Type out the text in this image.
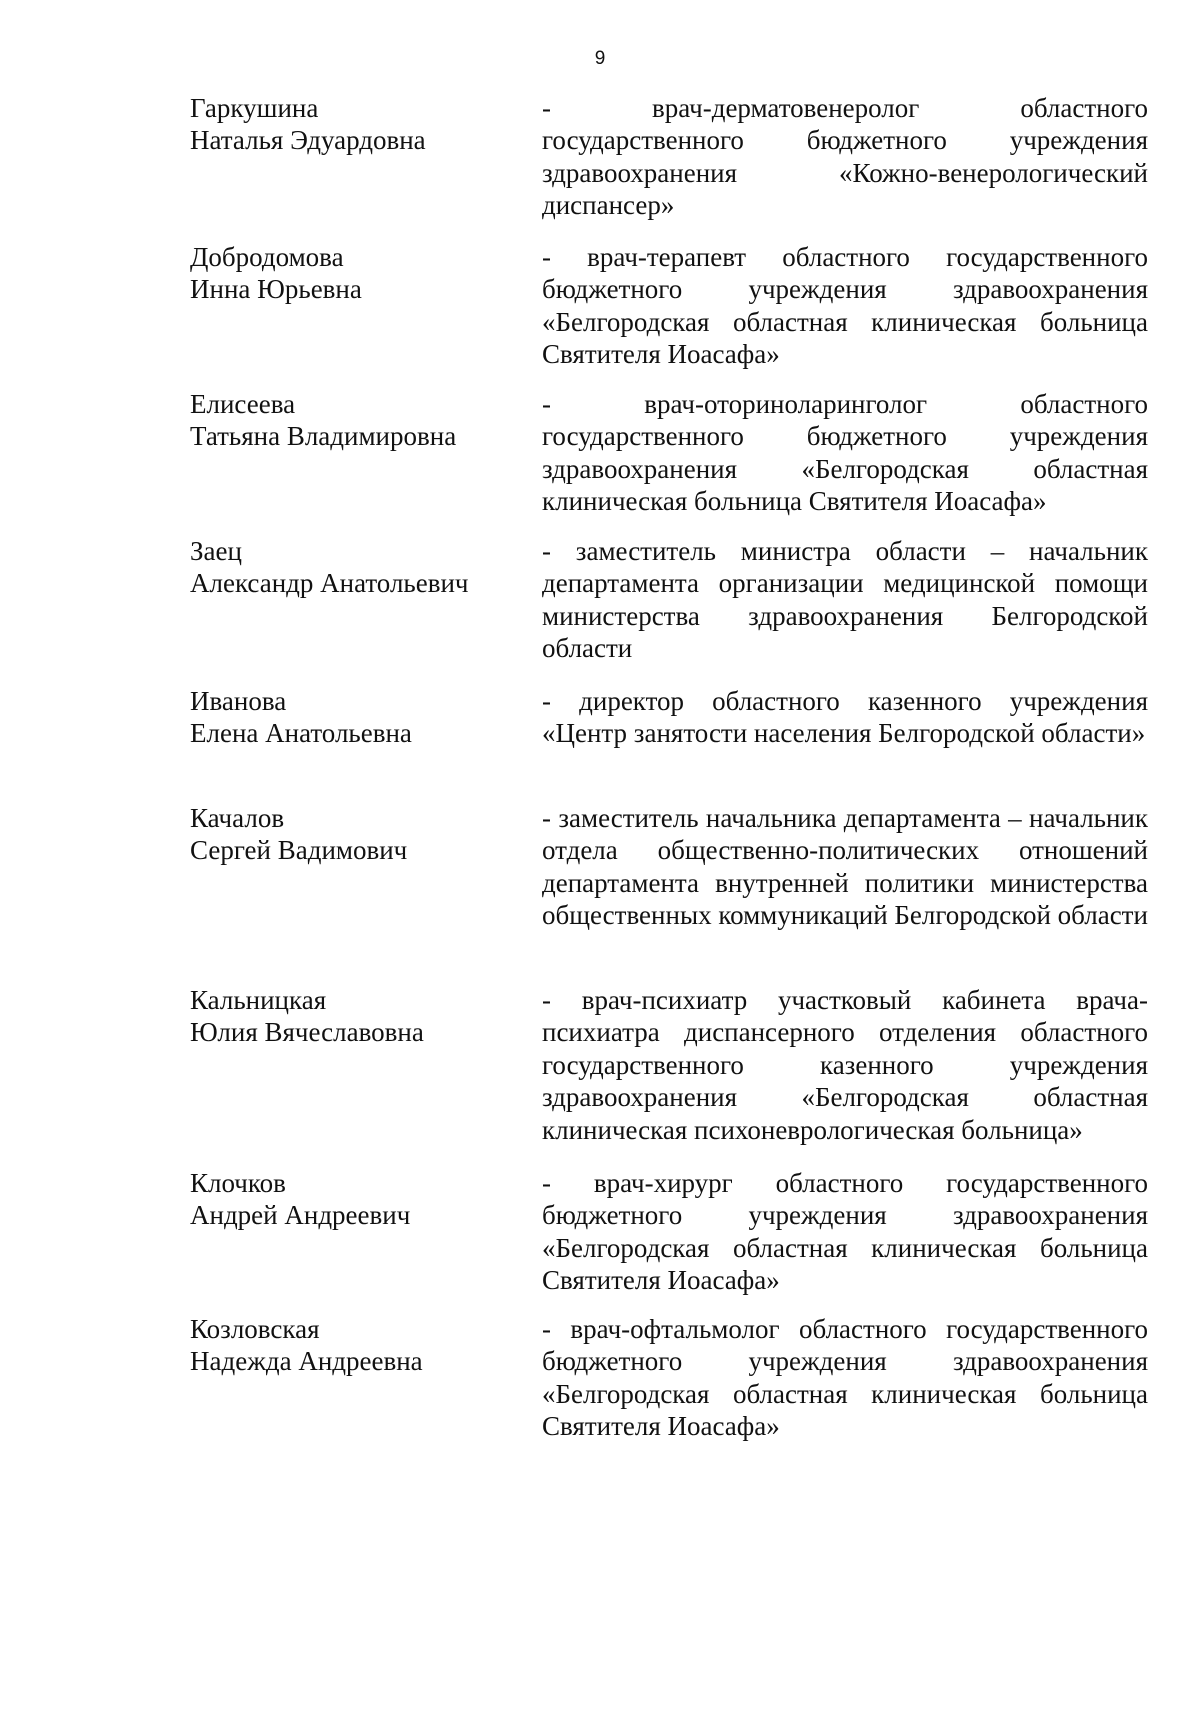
9
Гаркушина
Наталья Эдуардовна
- врач-дерматовенеролог областного государственного бюджетного учреждения здравоохранения «Кожно-венерологический диспансер»
Добродомова
Инна Юрьевна
- врач-терапевт областного государственного бюджетного учреждения здравоохранения «Белгородская областная клиническая больница Святителя Иоасафа»
Елисеева
Татьяна Владимировна
- врач-оториноларинголог областного государственного бюджетного учреждения здравоохранения «Белгородская областная клиническая больница Святителя Иоасафа»
Заец
Александр Анатольевич
- заместитель министра области – начальник департамента организации медицинской помощи министерства здравоохранения Белгородской области
Иванова
Елена Анатольевна
- директор областного казенного учреждения «Центр занятости населения Белгородской области»
Качалов
Сергей Вадимович
- заместитель начальника департамента – начальник отдела общественно-политических отношений департамента внутренней политики министерства общественных коммуникаций Белгородской области
Кальницкая
Юлия Вячеславовна
- врач-психиатр участковый кабинета врача-психиатра диспансерного отделения областного государственного казенного учреждения здравоохранения «Белгородская областная клиническая психоневрологическая больница»
Клочков
Андрей Андреевич
- врач-хирург областного государственного бюджетного учреждения здравоохранения «Белгородская областная клиническая больница Святителя Иоасафа»
Козловская
Надежда Андреевна
- врач-офтальмолог областного государственного бюджетного учреждения здравоохранения «Белгородская областная клиническая больница Святителя Иоасафа»
